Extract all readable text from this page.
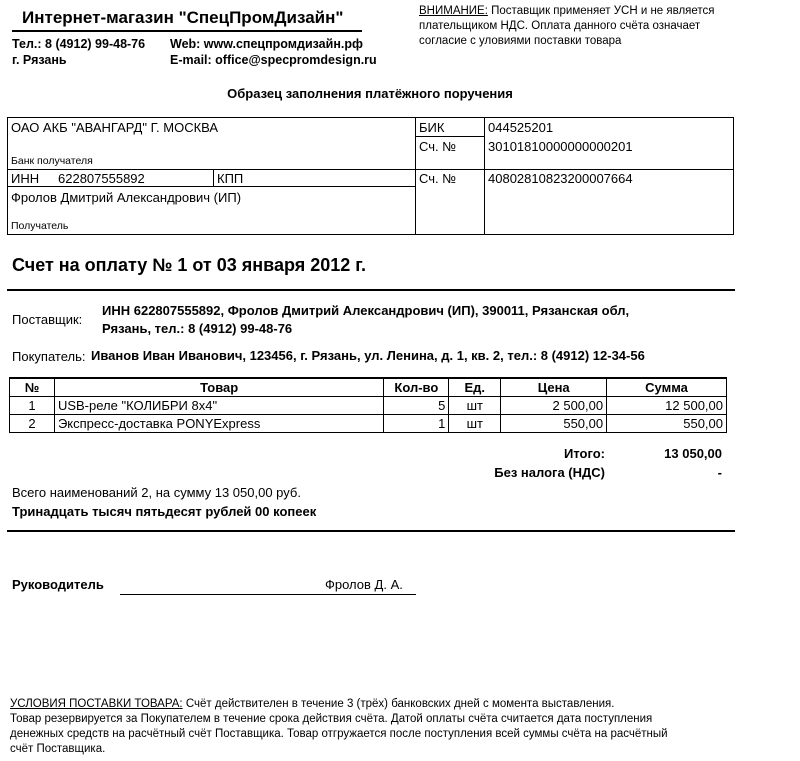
Интернет-магазин "СпецПромДизайн"
Тел.: 8 (4912) 99-48-76
г. Рязань
Web: www.спецпромдизайн.рф
E-mail: office@specpromdesign.ru
ВНИМАНИЕ: Поставщик применяет УСН и не является плательщиком НДС. Оплата данного счёта означает согласие с уловиями поставки товара
Образец заполнения платёжного поручения
ОАО АКБ "АВАНГАРД" Г. МОСКВА
Банк получателя
БИК	044525201
Сч. № 30101810000000000201
ИНН 622807555892	КПП	Сч. № 40802810823200007664
Фролов Дмитрий Александрович (ИП)
Получатель
Счет на оплату № 1 от 03 января 2012 г.
Поставщик:
ИНН 622807555892, Фролов Дмитрий Александрович (ИП), 390011, Рязанская обл,
Рязань, тел.: 8 (4912) 99-48-76
Покупатель: Иванов Иван Иванович, 123456, г. Рязань, ул. Ленина, д. 1, кв. 2, тел.: 8 (4912) 12-34-56
№	Товар	Кол-во	Ед.	Цена	Сумма
1	USB-реле "КОЛИБРИ 8x4"	5	шт	2 500,00	12 500,00
2	Экспресс-доставка PONYExpress	1	шт	550,00	550,00
Итого:	13 050,00
Без налога (НДС)	-
Всего наименований 2, на сумму 13 050,00 руб.
Тринадцать тысяч пятьдесят рублей 00 копеек
Руководитель	Фролов Д. А.
УСЛОВИЯ ПОСТАВКИ ТОВАРА: Счёт действителен в течение 3 (трёх) банковских дней с момента выставления.
Товар резервируется за Покупателем в течение срока действия счёта. Датой оплаты счёта считается дата поступления
денежных средств на расчётный счёт Поставщика. Товар отгружается после поступления всей суммы счёта на расчётный
счёт Поставщика.
